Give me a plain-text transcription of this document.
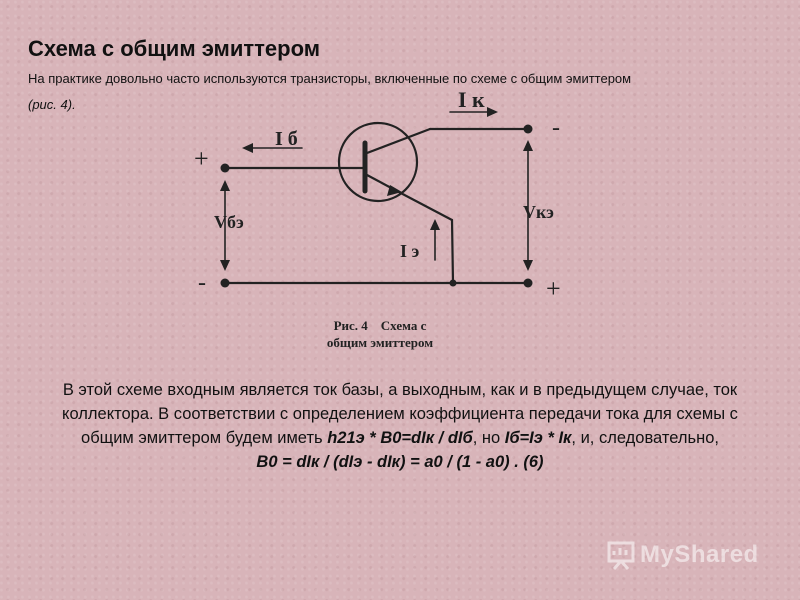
Схема с общим эмиттером

На практике довольно часто используются транзисторы, включенные по схеме с общим эмиттером
(рис. 4).	I к
I б
I э
Vбэ	Vкэ
+
-
-
+
Рис. 4    Схема с
общим эмиттером

В этой схеме входным является ток базы, а выходным, как и в предыдущем случае, ток коллектора. В соответствии с определением коэффициента передачи тока для схемы с общим эмиттером будем иметь h21э * B0=dIк / dIб, но Iб=Iэ * Iк, и, следовательно,
B0 = dIк / (dIэ - dIк) = a0 / (1 - a0) . (6)

MyShared
